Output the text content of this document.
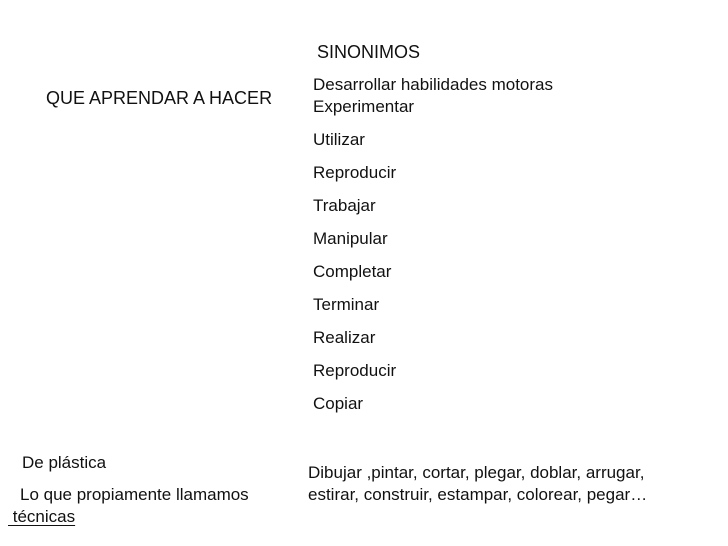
QUE APRENDAR A HACER
SINONIMOS
Desarrollar habilidades motoras
Experimentar
Utilizar
Reproducir
Trabajar
Manipular
Completar
Terminar
Realizar
Reproducir
Copiar
De plástica
Lo que propiamente llamamos
técnicas
Dibujar ,pintar, cortar, plegar, doblar, arrugar,
estirar, construir, estampar, colorear, pegar…
